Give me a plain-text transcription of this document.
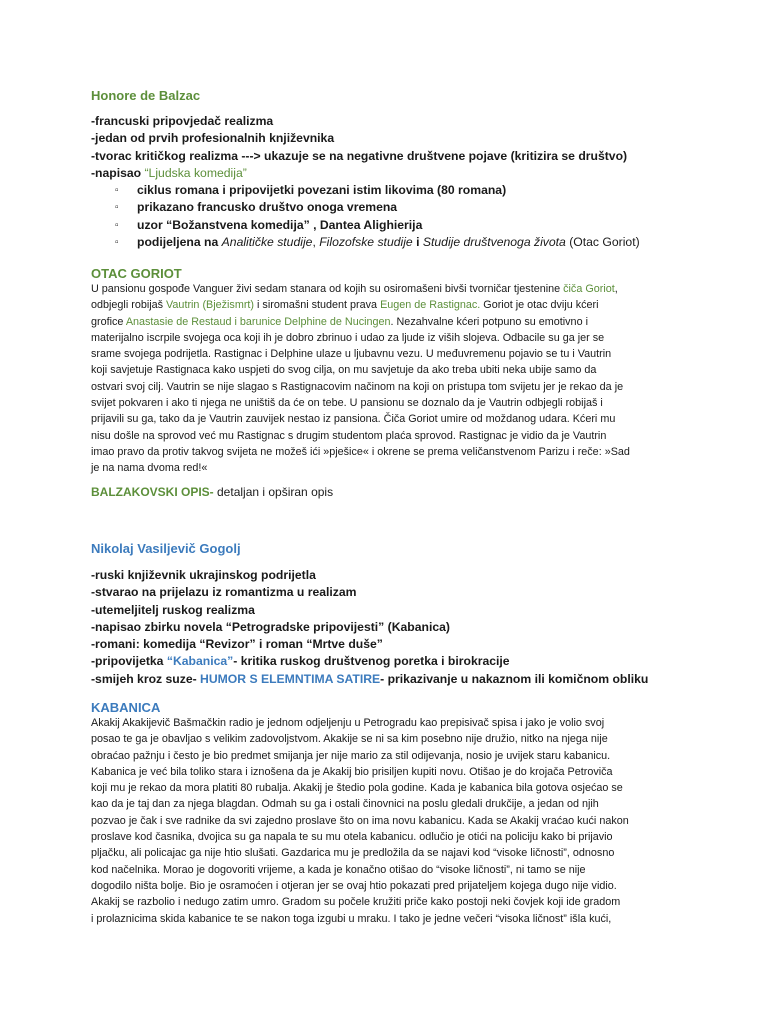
Honore de Balzac
-francuski pripovjedač realizma
-jedan od prvih profesionalnih književnika
-tvorac kritičkog realizma ---> ukazuje se na negativne društvene pojave (kritizira se društvo)
-napisao “Ljudska komedija”
▫ ciklus romana i pripovijetki povezani istim likovima (80 romana)
▫ prikazano francusko društvo onoga vremena
▫ uzor “Božanstvena komedija” , Dantea Alighierija
▫ podijeljena na Analitičke studije, Filozofske studije i Studije društvenoga života (Otac Goriot)
OTAC GORIOT
U pansionu gospođe Vanguer živi sedam stanara od kojih su osiromašeni bivši tvorničar tjestenine čiča Goriot,
odbjegli robijaš Vautrin (Bježismrt) i siromašni student prava Eugen de Rastignac. Goriot je otac dviju kćeri
grofice Anastasie de Restaud i barunice Delphine de Nucingen. Nezahvalne kćeri potpuno su emotivno i
materijalno iscrpile svojega oca koji ih je dobro zbrinuo i udao za ljude iz viših slojeva. Odbacile su ga jer se
srame svojega podrijetla. Rastignac i Delphine ulaze u ljubavnu vezu. U međuvremenu pojavio se tu i Vautrin
koji savjetuje Rastignaca kako uspjeti do svog cilja, on mu savjetuje da ako treba ubiti neka ubije samo da
ostvari svoj cilj. Vautrin se nije slagao s Rastignacovim načinom na koji on pristupa tom svijetu jer je rekao da je
svijet pokvaren i ako ti njega ne uništiš da će on tebe. U pansionu se doznalo da je Vautrin odbjegli robijaš i
prijavili su ga, tako da je Vautrin zauvijek nestao iz pansiona. Čiča Goriot umire od moždanog udara. Kćeri mu
nisu došle na sprovod već mu Rastignac s drugim studentom plaća sprovod. Rastignac je vidio da je Vautrin
imao pravo da protiv takvog svijeta ne možeš ići »pješice« i okrene se prema veličanstvenom Parizu i reče: »Sad
je na nama dvoma red!«
BALZAKOVSKI OPIS- detaljan i opširan opis
Nikolaj Vasiljevič Gogolj
-ruski književnik ukrajinskog podrijetla
-stvarao na prijelazu iz romantizma u realizam
-utemeljitelj ruskog realizma
-napisao zbirku novela “Petrogradske pripovijesti” (Kabanica)
-romani: komedija “Revizor” i roman “Mrtve duše”
-pripovijetka “Kabanica”- kritika ruskog društvenog poretka i birokracije
-smijeh kroz suze- HUMOR S ELEMNTIMA SATIRE- prikazivanje u nakaznom ili komičnom obliku
KABANICA
Akakij Akakijevič Bašmačkin radio je jednom odjeljenju u Petrogradu kao prepisivač spisa i jako je volio svoj
posao te ga je obavljao s velikim zadovoljstvom. Akakije se ni sa kim posebno nije družio, nitko na njega nije
obraćao pažnju i često je bio predmet smijanja jer nije mario za stil odijevanja, nosio je uvijek staru kabanicu.
Kabanica je već bila toliko stara i iznošena da je Akakij bio prisiljen kupiti novu. Otišao je do krojača Petroviča
koji mu je rekao da mora platiti 80 rubalja. Akakij je štedio pola godine. Kada je kabanica bila gotova osjećao se
kao da je taj dan za njega blagdan. Odmah su ga i ostali činovnici na poslu gledali drukčije, a jedan od njih
pozvao je čak i sve radnike da svi zajedno proslave što on ima novu kabanicu. Kada se Akakij vraćao kući nakon
proslave kod časnika, dvojica su ga napala te su mu otela kabanicu. odlučio je otići na policiju kako bi prijavio
pljačku, ali policajac ga nije htio slušati. Gazdarica mu je predložila da se najavi kod “visoke ličnosti”, odnosno
kod načelnika. Morao je dogovoriti vrijeme, a kada je konačno otišao do “visoke ličnosti”, ni tamo se nije
dogodilo ništa bolje. Bio je osramoćen i otjeran jer se ovaj htio pokazati pred prijateljem kojega dugo nije vidio.
Akakij se razbolio i nedugo zatim umro. Gradom su počele kružiti priče kako postoji neki čovjek koji ide gradom
i prolaznicima skida kabanice te se nakon toga izgubi u mraku. I tako je jedne večeri “visoka ličnost” išla kući,
